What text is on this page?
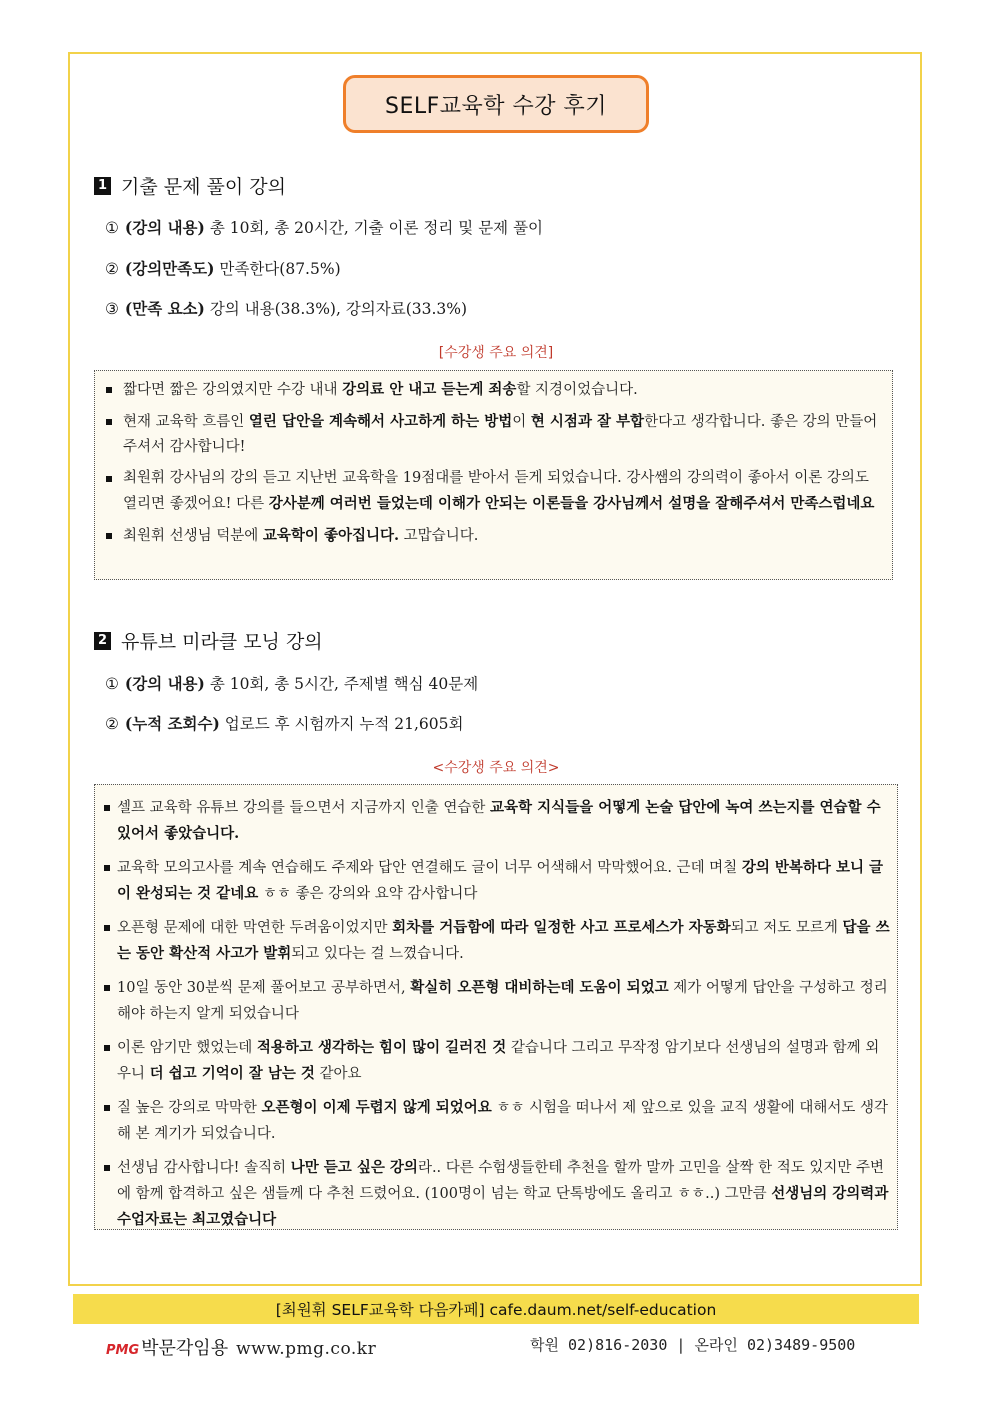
SELF교육학 수강 후기
1 기출 문제 풀이 강의
① (강의 내용) 총 10회, 총 20시간, 기출 이론 정리 및 문제 풀이
② (강의만족도) 만족한다(87.5%)
③ (만족 요소) 강의 내용(38.3%), 강의자료(33.3%)
[수강생 주요 의견]
짧다면 짧은 강의였지만 수강 내내 강의료 안 내고 듣는게 죄송할 지경이었습니다.
현재 교육학 흐름인 열린 답안을 계속해서 사고하게 하는 방법이 현 시점과 잘 부합한다고 생각합니다. 좋은 강의 만들어 주셔서 감사합니다!
최원휘 강사님의 강의 듣고 지난번 교육학을 19점대를 받아서 듣게 되었습니다. 강사쌤의 강의력이 좋아서 이론 강의도 열리면 좋겠어요! 다른 강사분께 여러번 들었는데 이해가 안되는 이론들을 강사님께서 설명을 잘해주셔서 만족스럽네요
최원휘 선생님 덕분에 교육학이 좋아집니다. 고맙습니다.
2 유튜브 미라클 모닝 강의
① (강의 내용) 총 10회, 총 5시간, 주제별 핵심 40문제
② (누적 조회수) 업로드 후 시험까지 누적 21,605회
<수강생 주요 의견>
셀프 교육학 유튜브 강의를 들으면서 지금까지 인출 연습한 교육학 지식들을 어떻게 논술 답안에 녹여 쓰는지를 연습할 수 있어서 좋았습니다.
교육학 모의고사를 계속 연습해도 주제와 답안 연결해도 글이 너무 어색해서 막막했어요. 근데 며칠 강의 반복하다 보니 글이 완성되는 것 같네요 ㅎㅎ 좋은 강의와 요약 감사합니다
오픈형 문제에 대한 막연한 두려움이었지만 회차를 거듭함에 따라 일정한 사고 프로세스가 자동화되고 저도 모르게 답을 쓰는 동안 확산적 사고가 발휘되고 있다는 걸 느꼈습니다.
10일 동안 30분씩 문제 풀어보고 공부하면서, 확실히 오픈형 대비하는데 도움이 되었고 제가 어떻게 답안을 구성하고 정리해야 하는지 알게 되었습니다
이론 암기만 했었는데 적용하고 생각하는 힘이 많이 길러진 것 같습니다 그리고 무작정 암기보다 선생님의 설명과 함께 외우니 더 쉽고 기억이 잘 남는 것 같아요
질 높은 강의로 막막한 오픈형이 이제 두렵지 않게 되었어요 ㅎㅎ 시험을 떠나서 제 앞으로 있을 교직 생활에 대해서도 생각해 본 계기가 되었습니다.
선생님 감사합니다! 솔직히 나만 듣고 싶은 강의라.. 다른 수험생들한테 추천을 할까 말까 고민을 살짝 한 적도 있지만 주변에 함께 합격하고 싶은 샘들께 다 추천 드렸어요. (100명이 넘는 학교 단톡방에도 올리고 ㅎㅎ..) 그만큼 선생님의 강의력과 수업자료는 최고였습니다
[최원휘 SELF교육학 다음카페] cafe.daum.net/self-education
PMG 박문각임용 www.pmg.co.kr	학원 02)816-2030 | 온라인 02)3489-9500
